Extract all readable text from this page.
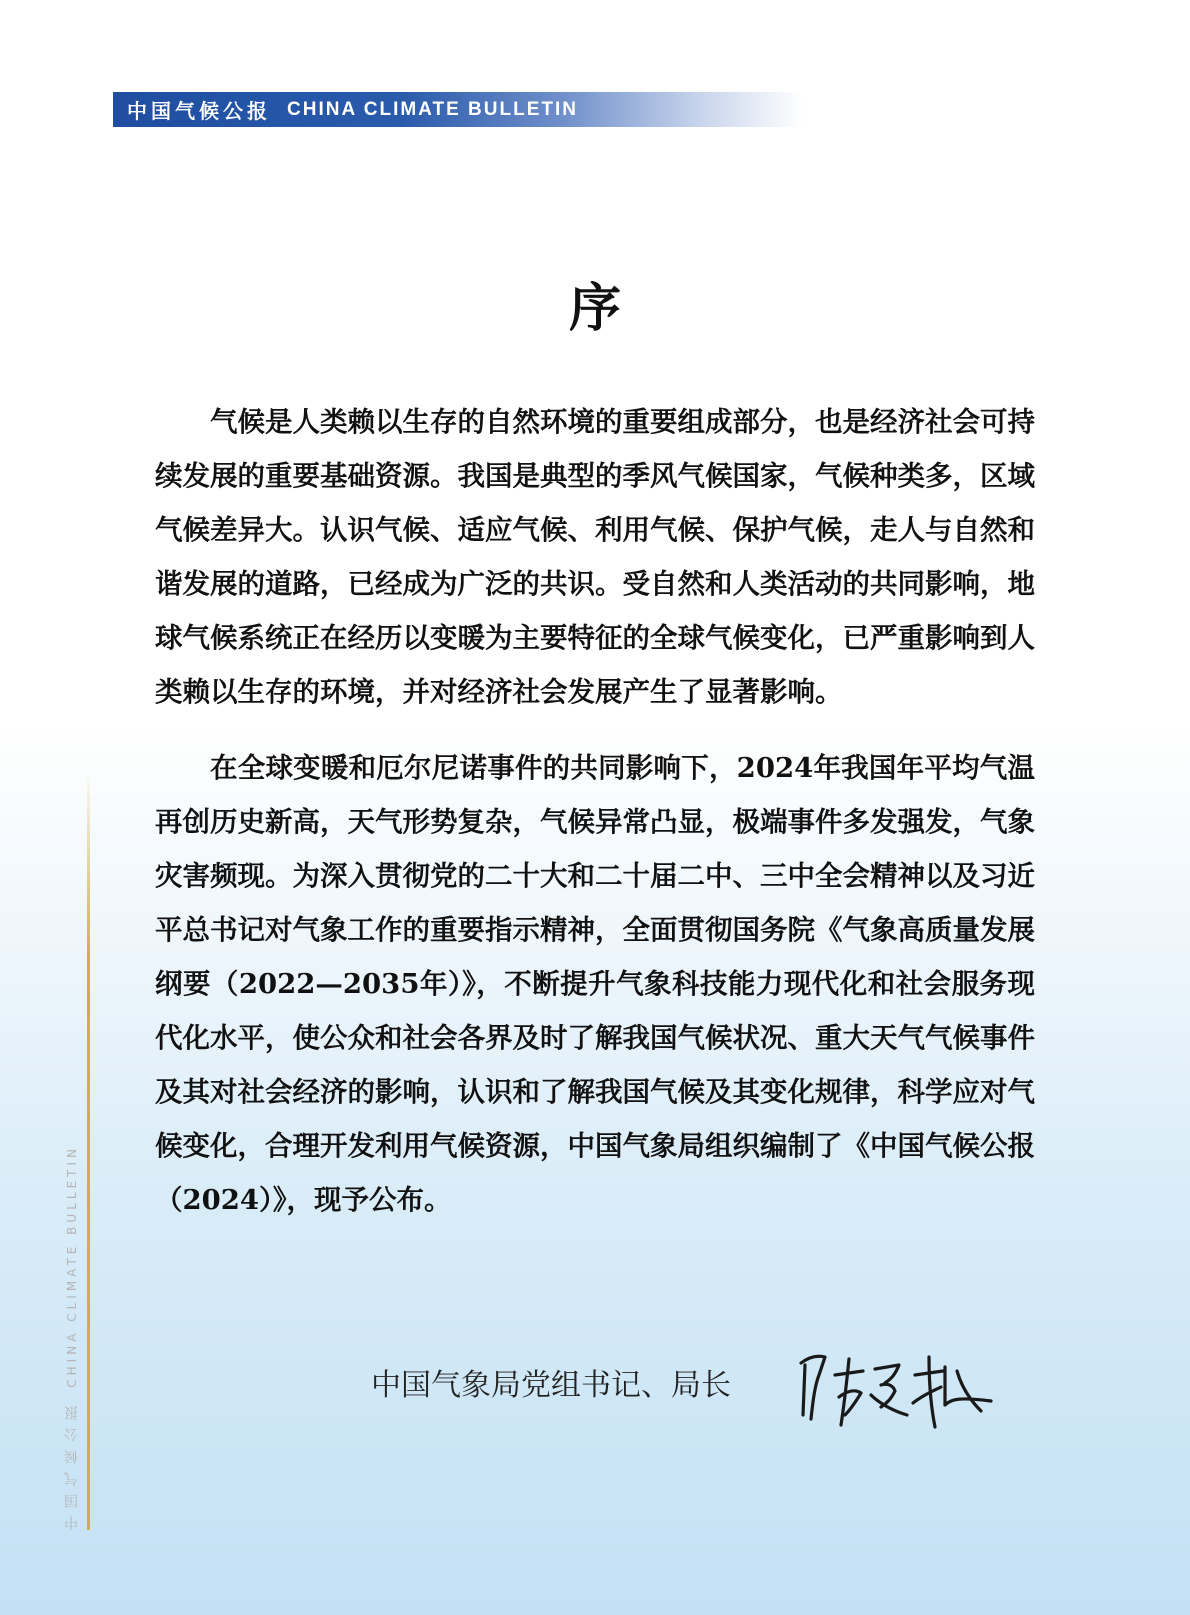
中国气候公报 CHINA CLIMATE BULLETIN
序

气候是人类赖以生存的自然环境的重要组成部分，也是经济社会可持续发展的重要基础资源。我国是典型的季风气候国家，气候种类多，区域气候差异大。认识气候、适应气候、利用气候、保护气候，走人与自然和谐发展的道路，已经成为广泛的共识。受自然和人类活动的共同影响，地球气候系统正在经历以变暖为主要特征的全球气候变化，已严重影响到人类赖以生存的环境，并对经济社会发展产生了显著影响。

在全球变暖和厄尔尼诺事件的共同影响下，2024年我国年平均气温再创历史新高，天气形势复杂，气候异常凸显，极端事件多发强发，气象灾害频现。为深入贯彻党的二十大和二十届二中、三中全会精神以及习近平总书记对气象工作的重要指示精神，全面贯彻国务院《气象高质量发展纲要（2022—2035年）》，不断提升气象科技能力现代化和社会服务现代化水平，使公众和社会各界及时了解我国气候状况、重大天气气候事件及其对社会经济的影响，认识和了解我国气候及其变化规律，科学应对气候变化，合理开发利用气候资源，中国气象局组织编制了《中国气候公报（2024）》，现予公布。

中国气象局党组书记、局长
CHINA CLIMATE BULLETIN
中国气候公报
